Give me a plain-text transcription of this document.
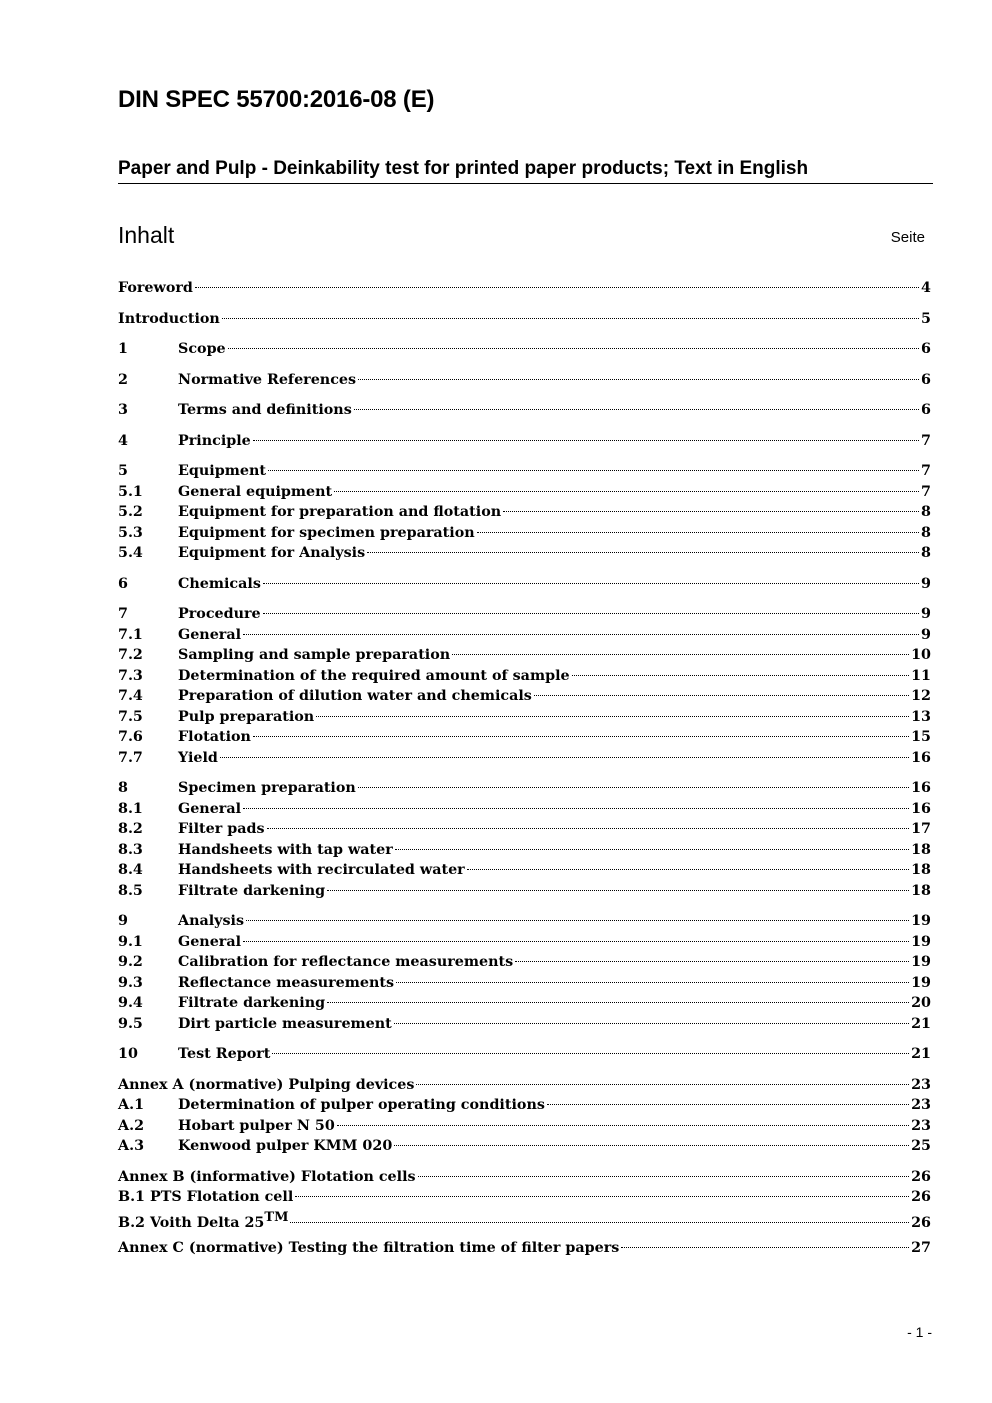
DIN SPEC 55700:2016-08 (E)
Paper and Pulp - Deinkability test for printed paper products; Text in English
Inhalt	Seite
Foreword	4
Introduction	5
1	Scope	6
2	Normative References	6
3	Terms and definitions	6
4	Principle	7
5	Equipment	7
5.1	General equipment	7
5.2	Equipment for preparation and flotation	8
5.3	Equipment for specimen preparation	8
5.4	Equipment for Analysis	8
6	Chemicals	9
7	Procedure	9
7.1	General	9
7.2	Sampling and sample preparation	10
7.3	Determination of the required amount of sample	11
7.4	Preparation of dilution water and chemicals	12
7.5	Pulp preparation	13
7.6	Flotation	15
7.7	Yield	16
8	Specimen preparation	16
8.1	General	16
8.2	Filter pads	17
8.3	Handsheets with tap water	18
8.4	Handsheets with recirculated water	18
8.5	Filtrate darkening	18
9	Analysis	19
9.1	General	19
9.2	Calibration for reflectance measurements	19
9.3	Reflectance measurements	19
9.4	Filtrate darkening	20
9.5	Dirt particle measurement	21
10	Test Report	21
Annex A (normative) Pulping devices	23
A.1	Determination of pulper operating conditions	23
A.2	Hobart pulper N 50	23
A.3	Kenwood pulper KMM 020	25
Annex B (informative) Flotation cells	26
B.1 PTS Flotation cell	26
B.2 Voith Delta 25™	26
Annex C (normative) Testing the filtration time of filter papers	27
- 1 -
